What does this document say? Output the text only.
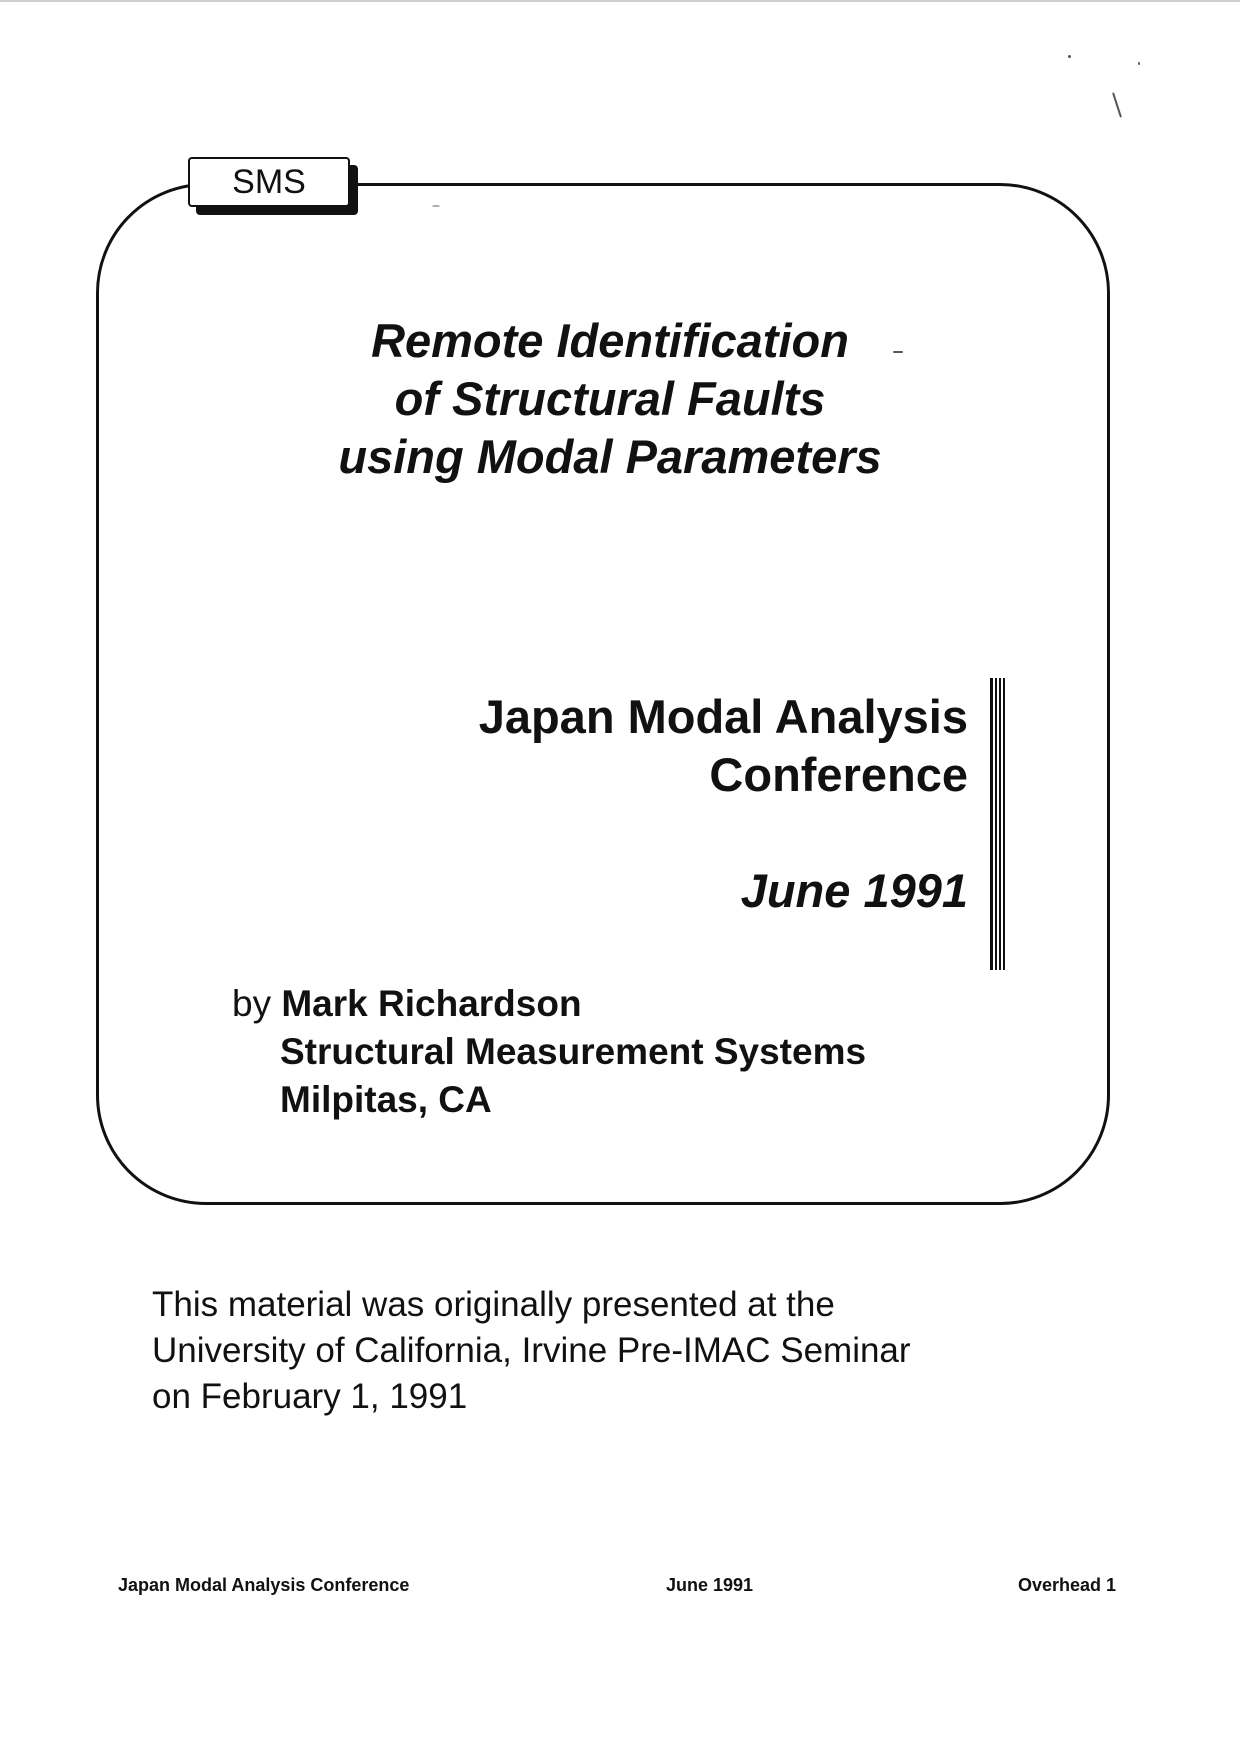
SMS
Remote Identification
of Structural Faults
using Modal Parameters
Japan Modal Analysis
Conference
June 1991
by Mark Richardson
Structural Measurement Systems
Milpitas, CA
This material was originally presented at the
University of California, Irvine Pre-IMAC Seminar
on February 1, 1991
Japan Modal Analysis Conference	June 1991	Overhead 1
